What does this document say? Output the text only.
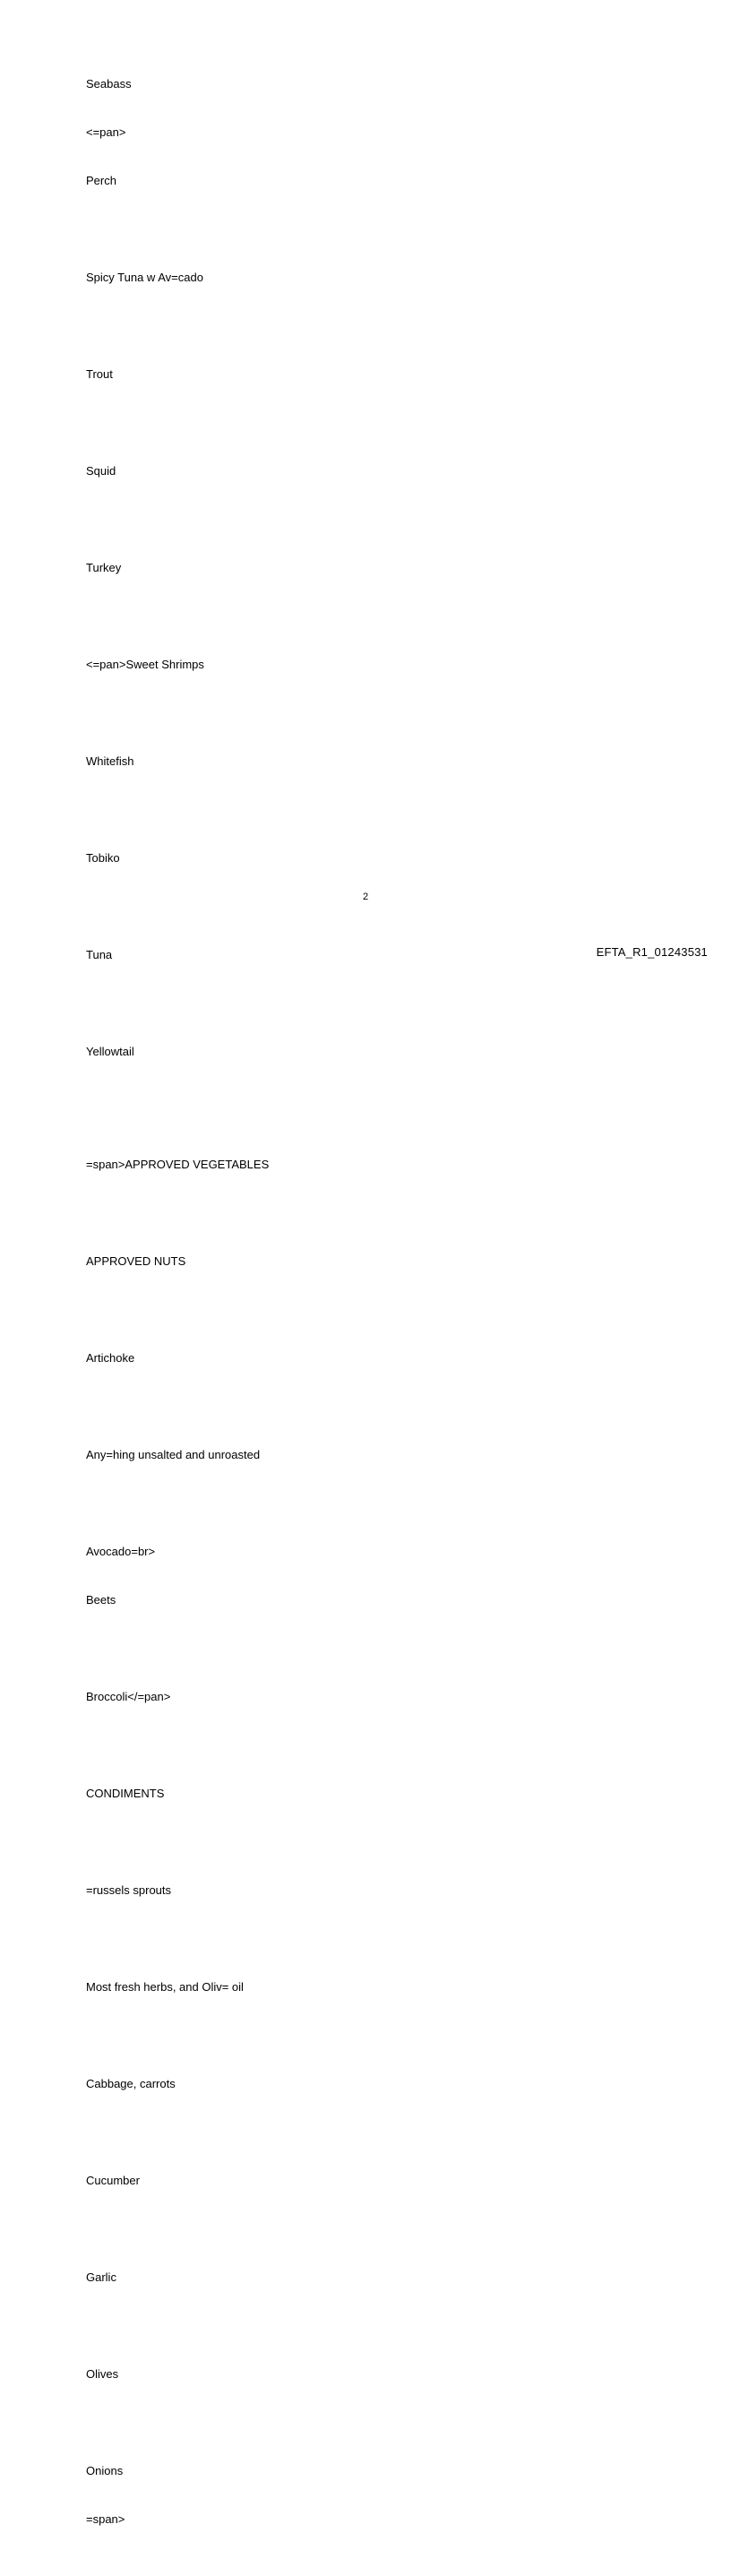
Seabass

<=pan>

Perch

Spicy Tuna w Av=cado

Trout

Squid

Turkey

<=pan>Sweet Shrimps

Whitefish

Tobiko

Tuna

Yellowtail

=span>APPROVED VEGETABLES

APPROVED NUTS

Artichoke

Any=hing unsalted and unroasted

Avocado=br>

Beets

Broccoli</=pan>

CONDIMENTS

=russels sprouts

Most fresh herbs, and Oliv= oil

Cabbage, carrots

Cucumber

Garlic

Olives

Onions

=span>

2
EFTA_R1_01243531
